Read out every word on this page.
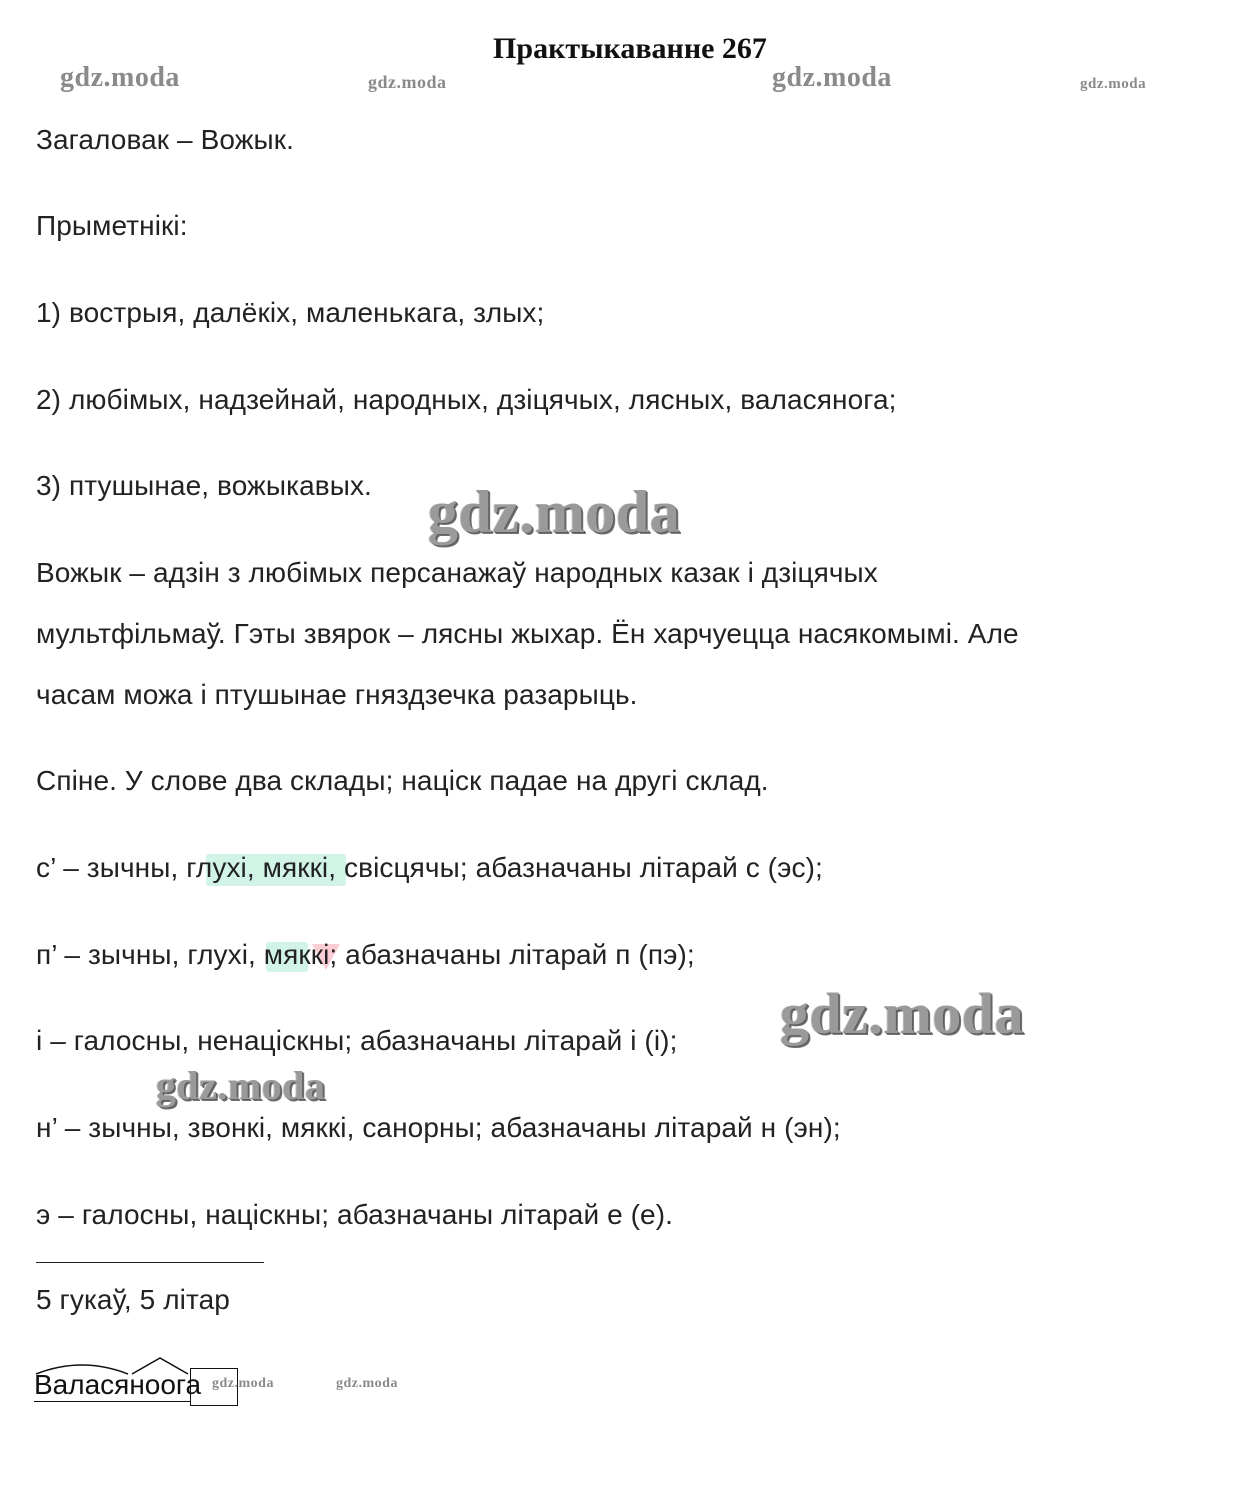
Практыкаванне 267
gdz.moda	gdz.moda	gdz.moda	gdz.moda
Загаловак – Вожык.
Прыметнікі:
1) вострыя, далёкіх, маленькага, злых;
2) любімых, надзейнай, народных, дзіцячых, лясных, валасянога;
3) птушынае, вожыкавых.
Вожык – адзін з любімых персанажаў народных казак і дзіцячых
мультфільмаў. Гэты звярок – лясны жыхар. Ён харчуецца насякомымі. Але
часам можа і птушынае гняздзечка разарыць.
Спіне. У слове два склады; націск падае на другі склад.
с’ – зычны, глухі, мяккі, свісцячы; абазначаны літарай с (эс);
п’ – зычны, глухі, мяккі; абазначаны літарай п (пэ);
і – галосны, ненаціскны; абазначаны літарай і (і);
н’ – зычны, звонкі, мяккі, санорны; абазначаны літарай н (эн);
э – галосны, націскны; абазначаны літарай е (е).
gdz.moda
gdz.moda
gdz.moda
5 гукаў, 5 літар
Валасяноога gdz.moda	gdz.moda
